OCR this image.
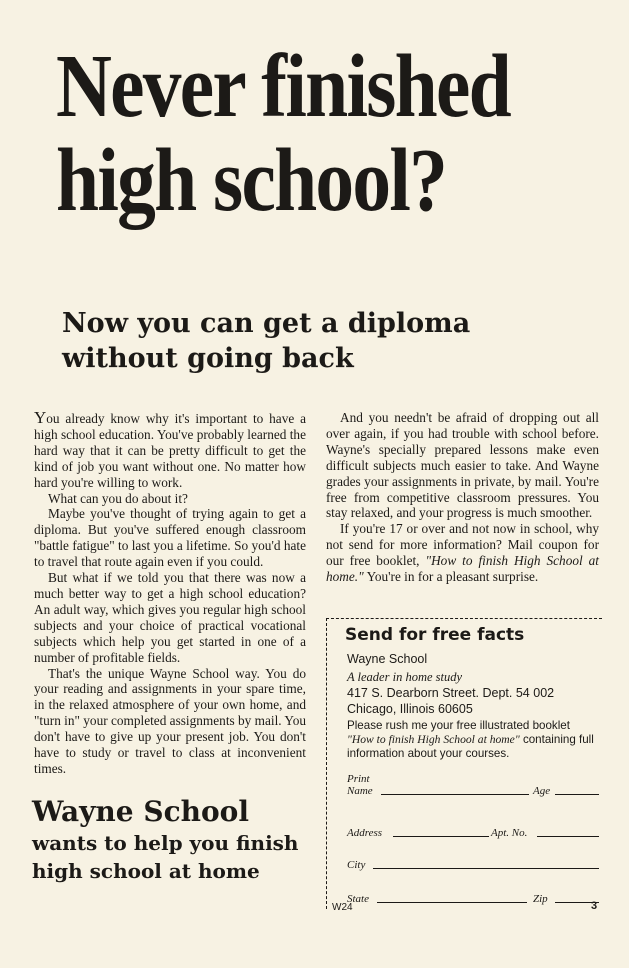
Never finished
high school?
Now you can get a diploma
without going back

You already know why it's important to have a high school education. You've probably learned the hard way that it can be pretty difficult to get the kind of job you want without one. No matter how hard you're willing to work.

What can you do about it?

Maybe you've thought of trying again to get a diploma. But you've suffered enough classroom "battle fatigue" to last you a lifetime. So you'd hate to travel that route again even if you could.

But what if we told you that there was now a much better way to get a high school education? An adult way, which gives you regular high school subjects and your choice of practical vocational subjects which help you get started in one of a number of profitable fields.

That's the unique Wayne School way. You do your reading and assignments in your spare time, in the relaxed atmosphere of your own home, and "turn in" your completed assignments by mail. You don't have to give up your present job. You don't have to study or travel to class at inconvenient times.

And you needn't be afraid of dropping out all over again, if you had trouble with school before. Wayne's specially prepared lessons make even difficult subjects much easier to take. And Wayne grades your assignments in private, by mail. You're free from competitive classroom pressures. You stay relaxed, and your progress is much smoother.

If you're 17 or over and not now in school, why not send for more information? Mail coupon for our free booklet, "How to finish High School at home." You're in for a pleasant surprise.

Wayne School
wants to help you finish
high school at home
Send for free facts
Wayne School
A leader in home study
417 S. Dearborn Street. Dept. 54 002
Chicago, Illinois 60605
Please rush me your free illustrated booklet "How to finish High School at home" containing full information about your courses.
Print
Name	Age
Address	Apt. No.
City
State	Zip
W24	3
